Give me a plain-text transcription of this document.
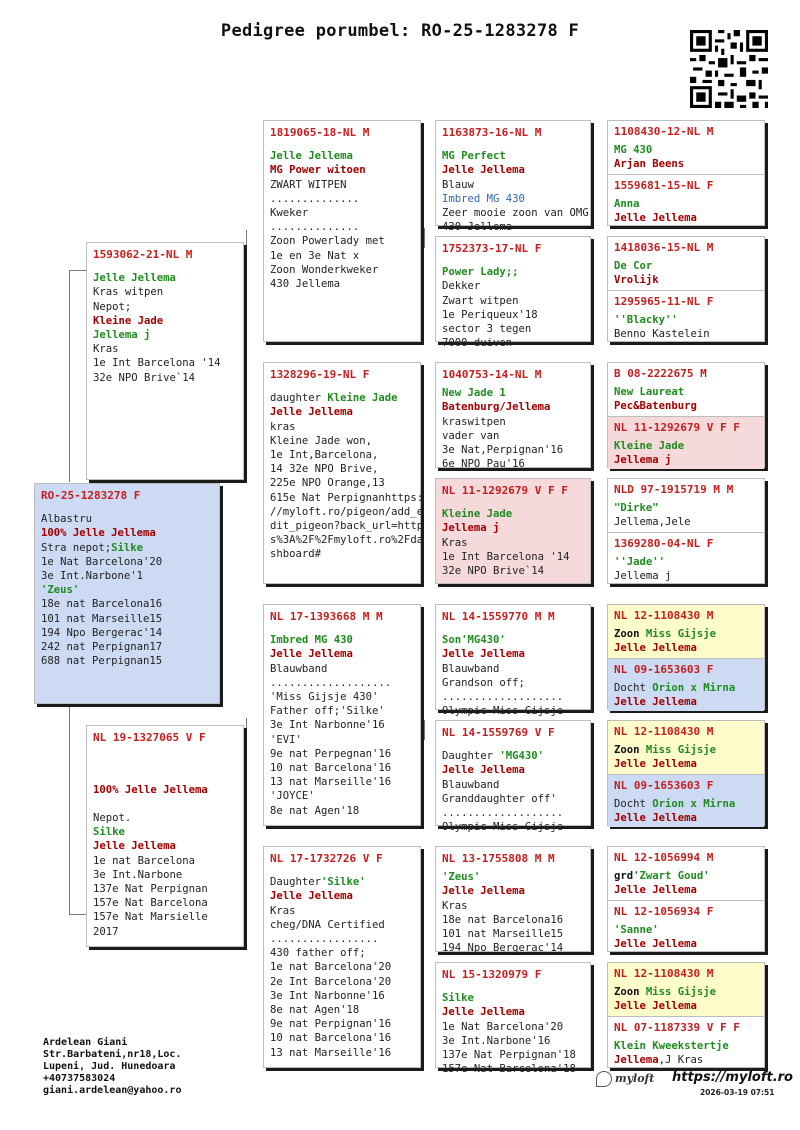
Pedigree porumbel: RO-25-1283278 F
RO-25-1283278 F
Albastru
100% Jelle Jellema
Stra nepot;Silke
1e Nat Barcelona'20
3e Int.Narbone'1
'Zeus'
18e nat Barcelona16
101 nat Marseille15
194 Npo Bergerac'14
242 nat Perpignan17
688 nat Perpignan15
1593062-21-NL M
Jelle Jellema
Kras witpen
Nepot;
Kleine Jade
Jellema j
Kras
1e Int Barcelona '14
32e NPO Brive`14
NL 19-1327065 V F
100% Jelle Jellema
Nepot.
Silke
Jelle Jellema
1e nat Barcelona
3e Int.Narbone
137e Nat Perpignan
157e Nat Barcelona
157e Nat Marsielle
2017
1819065-18-NL M
Jelle Jellema
MG Power witoen
ZWART WITPEN
..............
Kweker
..............
Zoon Powerlady met
1e en 3e Nat x
Zoon Wonderkweker
430 Jellema
1328296-19-NL F
daughter Kleine Jade
Jelle Jellema
kras
Kleine Jade won,
1e Int,Barcelona,
14 32e NPO Brive,
225e NPO Orange,13
615e Nat Perpignanhttps:
//myloft.ro/pigeon/add_e
dit_pigeon?back_url=http
s%3A%2F%2Fmyloft.ro%2Fda
shboard#
NL 17-1393668 M M
Imbred MG 430
Jelle Jellema
Blauwband
...................
'Miss Gijsje 430'
Father off;'Silke'
3e Int Narbonne'16
'EVI'
9e nat Perpegnan'16
10 nat Barcelona'16
13 nat Marseille'16
'JOYCE'
8e nat Agen'18
NL 17-1732726 V F
Daughter'Silke'
Jelle Jellema
Kras
cheg/DNA Certified
.................
430 father off;
1e nat Barcelona'20
2e Int Barcelona'20
3e Int Narbonne'16
8e nat Agen'18
9e nat Perpignan'16
10 nat Barcelona'16
13 nat Marseille'16
1163873-16-NL M
MG Perfect
Jelle Jellema
Blauw
Imbred MG 430
Zeer mooie zoon van OMG
430 Jellema
1752373-17-NL F
Power Lady;;
Dekker
Zwart witpen
1e Periqueux'18
sector 3 tegen
7000 duiven
1040753-14-NL M
New Jade 1
Batenburg/Jellema
kraswitpen
vader van
3e Nat,Perpignan'16
6e NPO Pau'16
NL 11-1292679 V F F
Kleine Jade
Jellema j
Kras
1e Int Barcelona '14
32e NPO Brive`14
NL 14-1559770 M M
Son'MG430'
Jelle Jellema
Blauwband
Grandson off;
...................
Olympic Miss Gijsje
NL 14-1559769 V F
Daughter 'MG430'
Jelle Jellema
Blauwband
Granddaughter off'
...................
Olympic Miss Gijsje
NL 13-1755808 M M
'Zeus'
Jelle Jellema
Kras
18e nat Barcelona16
101 nat Marseille15
194 Npo Bergerac'14
NL 15-1320979 F
Silke
Jelle Jellema
1e Nat Barcelona'20
3e Int.Narbone'16
137e Nat Perpignan'18
157e Nat Barcelona'18
1108430-12-NL M
MG 430
Arjan Beens
1559681-15-NL F
Anna
Jelle Jellema
1418036-15-NL M
De Cor
Vrolijk
1295965-11-NL F
''Blacky''
Benno Kastelein
B 08-2222675 M
New Laureat
Pec&Batenburg
NL 11-1292679 V F F
Kleine Jade
Jellema j
NLD 97-1915719 M M
"Dirke"
Jellema,Jele
1369280-04-NL F
''Jade''
Jellema j
NL 12-1108430 M
Zoon Miss Gijsje
Jelle Jellema
NL 09-1653603 F
Docht Orion x Mirna
Jelle Jellema
NL 12-1108430 M
Zoon Miss Gijsje
Jelle Jellema
NL 09-1653603 F
Docht Orion x Mirna
Jelle Jellema
NL 12-1056994 M
grd'Zwart Goud'
Jelle Jellema
NL 12-1056934 F
'Sanne'
Jelle Jellema
NL 12-1108430 M
Zoon Miss Gijsje
Jelle Jellema
NL 07-1187339 V F F
Klein Kweekstertje
Jellema,J Kras
Ardelean Giani
Str.Barbateni,nr18,Loc.
Lupeni, Jud. Hunedoara
+40737583024
giani.ardelean@yahoo.ro
myloft https://myloft.ro
2026-03-19 07:51
